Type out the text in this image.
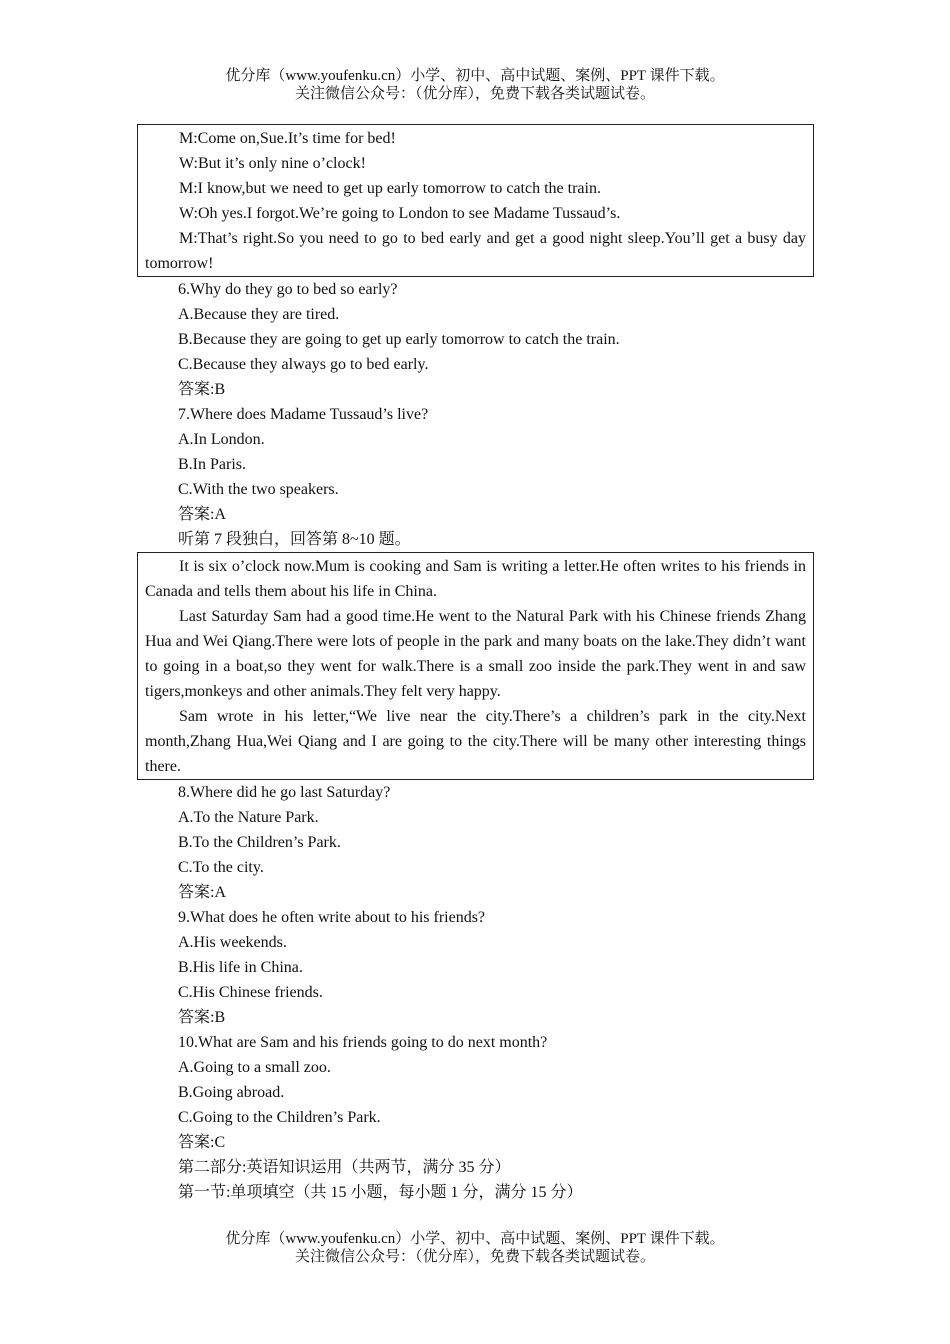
优分库（www.youfenku.cn）小学、初中、高中试题、案例、PPT 课件下载。
关注微信公众号：（优分库），免费下载各类试题试卷。

M:Come on,Sue.It’s time for bed!

W:But it’s only nine o’clock!

M:I know,but we need to get up early tomorrow to catch the train.

W:Oh yes.I forgot.We’re going to London to see Madame Tussaud’s.

M:That’s right.So you need to go to bed early and get a good night sleep.You’ll get a busy day tomorrow!

6.Why do they go to bed so early?
A.Because they are tired.
B.Because they are going to get up early tomorrow to catch the train.
C.Because they always go to bed early.
答案:B
7.Where does Madame Tussaud’s live?
A.In London.
B.In Paris.
C.With the two speakers.
答案:A
听第 7 段独白，回答第 8~10 题。

It is six o’clock now.Mum is cooking and Sam is writing a letter.He often writes to his friends in Canada and tells them about his life in China.

Last Saturday Sam had a good time.He went to the Natural Park with his Chinese friends Zhang Hua and Wei Qiang.There were lots of people in the park and many boats on the lake.They didn’t want to going in a boat,so they went for walk.There is a small zoo inside the park.They went in and saw tigers,monkeys and other animals.They felt very happy.

Sam wrote in his letter,“We live near the city.There’s a children’s park in the city.Next month,Zhang Hua,Wei Qiang and I are going to the city.There will be many other interesting things there.

8.Where did he go last Saturday?
A.To the Nature Park.
B.To the Children’s Park.
C.To the city.
答案:A
9.What does he often write about to his friends?
A.His weekends.
B.His life in China.
C.His Chinese friends.
答案:B
10.What are Sam and his friends going to do next month?
A.Going to a small zoo.
B.Going abroad.
C.Going to the Children’s Park.
答案:C
第二部分:英语知识运用（共两节，满分 35 分）
第一节:单项填空（共 15 小题，每小题 1 分，满分 15 分）
优分库（www.youfenku.cn）小学、初中、高中试题、案例、PPT 课件下载。
关注微信公众号：（优分库），免费下载各类试题试卷。
